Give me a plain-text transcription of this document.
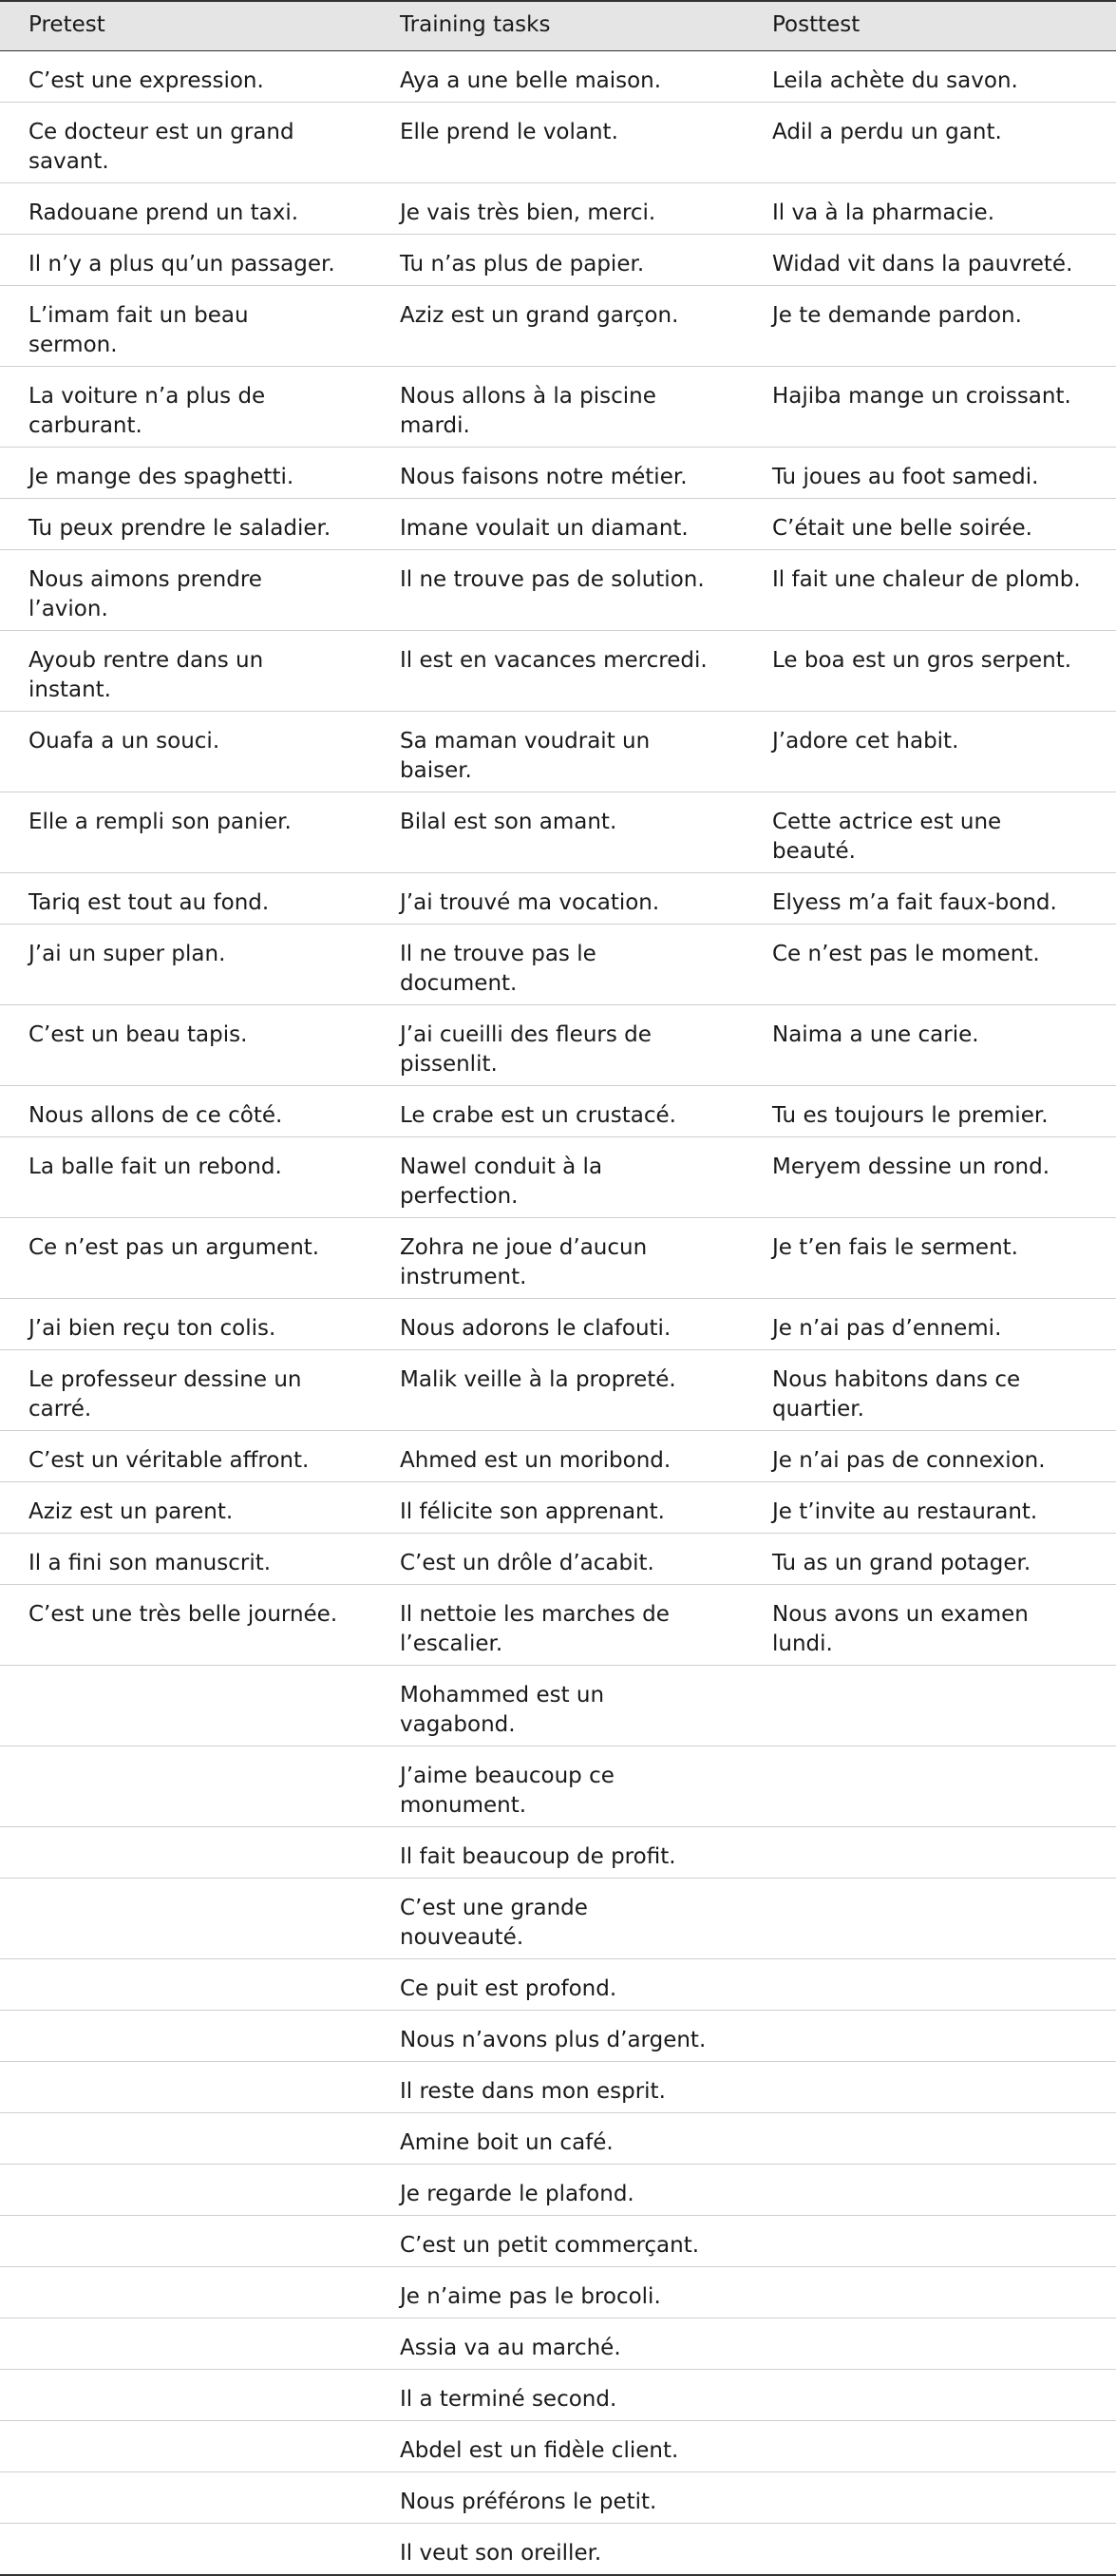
Pretest	Training tasks	Posttest
C’est une expression.	Aya a une belle maison.	Leila achète du savon.
Ce docteur est un grand savant.	Elle prend le volant.	Adil a perdu un gant.
Radouane prend un taxi.	Je vais très bien, merci.	Il va à la pharmacie.
Il n’y a plus qu’un passager.	Tu n’as plus de papier.	Widad vit dans la pauvreté.
L’imam fait un beau sermon.	Aziz est un grand garçon.	Je te demande pardon.
La voiture n’a plus de carburant.	Nous allons à la piscine mardi.	Hajiba mange un croissant.
Je mange des spaghetti.	Nous faisons notre métier.	Tu joues au foot samedi.
Tu peux prendre le saladier.	Imane voulait un diamant.	C’était une belle soirée.
Nous aimons prendre l’avion.	Il ne trouve pas de solution.	Il fait une chaleur de plomb.
Ayoub rentre dans un instant.	Il est en vacances mercredi.	Le boa est un gros serpent.
Ouafa a un souci.	Sa maman voudrait un baiser.	J’adore cet habit.
Elle a rempli son panier.	Bilal est son amant.	Cette actrice est une beauté.
Tariq est tout au fond.	J’ai trouvé ma vocation.	Elyess m’a fait faux-bond.
J’ai un super plan.	Il ne trouve pas le document.	Ce n’est pas le moment.
C’est un beau tapis.	J’ai cueilli des fleurs de pissenlit.	Naima a une carie.
Nous allons de ce côté.	Le crabe est un crustacé.	Tu es toujours le premier.
La balle fait un rebond.	Nawel conduit à la perfection.	Meryem dessine un rond.
Ce n’est pas un argument.	Zohra ne joue d’aucun instrument.	Je t’en fais le serment.
J’ai bien reçu ton colis.	Nous adorons le clafouti.	Je n’ai pas d’ennemi.
Le professeur dessine un carré.	Malik veille à la propreté.	Nous habitons dans ce quartier.
C’est un véritable affront.	Ahmed est un moribond.	Je n’ai pas de connexion.
Aziz est un parent.	Il félicite son apprenant.	Je t’invite au restaurant.
Il a fini son manuscrit.	C’est un drôle d’acabit.	Tu as un grand potager.
C’est une très belle journée.	Il nettoie les marches de l’escalier.	Nous avons un examen lundi.
	Mohammed est un vagabond.	
	J’aime beaucoup ce monument.	
	Il fait beaucoup de profit.	
	C’est une grande nouveauté.	
	Ce puit est profond.	
	Nous n’avons plus d’argent.	
	Il reste dans mon esprit.	
	Amine boit un café.	
	Je regarde le plafond.	
	C’est un petit commerçant.	
	Je n’aime pas le brocoli.	
	Assia va au marché.	
	Il a terminé second.	
	Abdel est un fidèle client.	
	Nous préférons le petit.	
	Il veut son oreiller.	
